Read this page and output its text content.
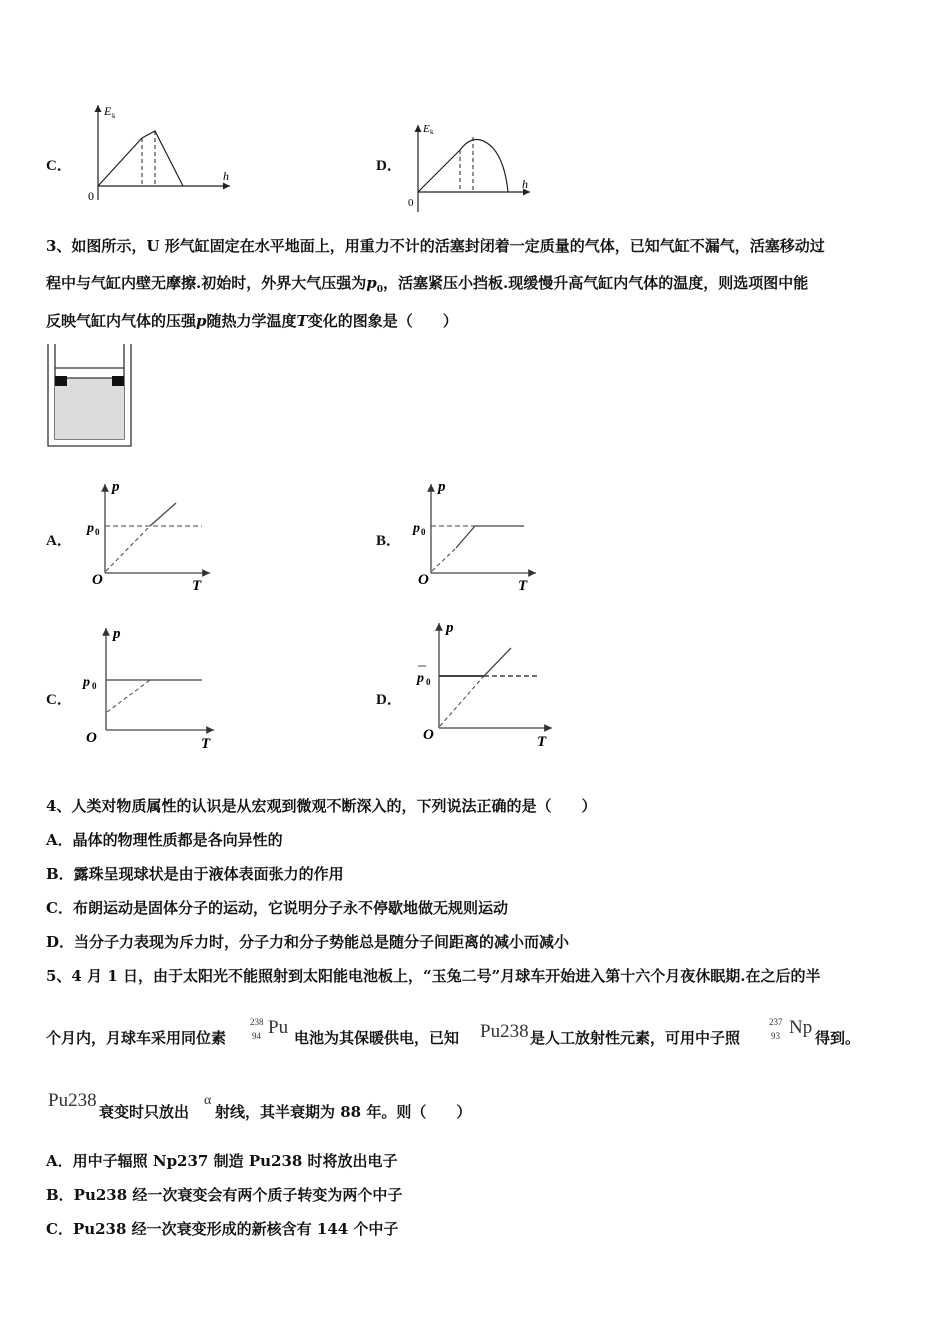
C．
E k
h
0
D．
E k
h
0
3、如图所示，U 形气缸固定在水平地面上，用重力不计的活塞封闭着一定质量的气体，已知气缸不漏气，活塞移动过
程中与气缸内壁无摩擦.初始时，外界大气压强为$p_0$，活塞紧压小挡板.现缓慢升高气缸内气体的温度，则选项图中能
反映气缸内气体的压强p随热力学温度T变化的图象是（　　）
A．
p
p 0
O	T
B．
p
p 0
O	T
C．
p
p 0
O	T
D．
p
p 0
O	T
4、人类对物质属性的认识是从宏观到微观不断深入的，下列说法正确的是（　　）
A．晶体的物理性质都是各向异性的
B．露珠呈现球状是由于液体表面张力的作用
C．布朗运动是固体分子的运动，它说明分子永不停歇地做无规则运动
D．当分子力表现为斥力时，分子力和分子势能总是随分子间距离的减小而减小
5、4 月 1 日，由于太阳光不能照射到太阳能电池板上，“玉兔二号”月球车开始进入第十六个月夜休眠期.在之后的半
个月内，月球车采用同位素
238
94 Pu 电池为其保暖供电，已知 Pu238 是人工放射性元素，可用中子照
237
93 Np 得到。
Pu238
衰变时只放出
α
射线，其半衰期为 88 年。则（　　）
A．用中子辐照 Np237 制造 Pu238 时将放出电子
B．Pu238 经一次衰变会有两个质子转变为两个中子
C．Pu238 经一次衰变形成的新核含有 144 个中子
